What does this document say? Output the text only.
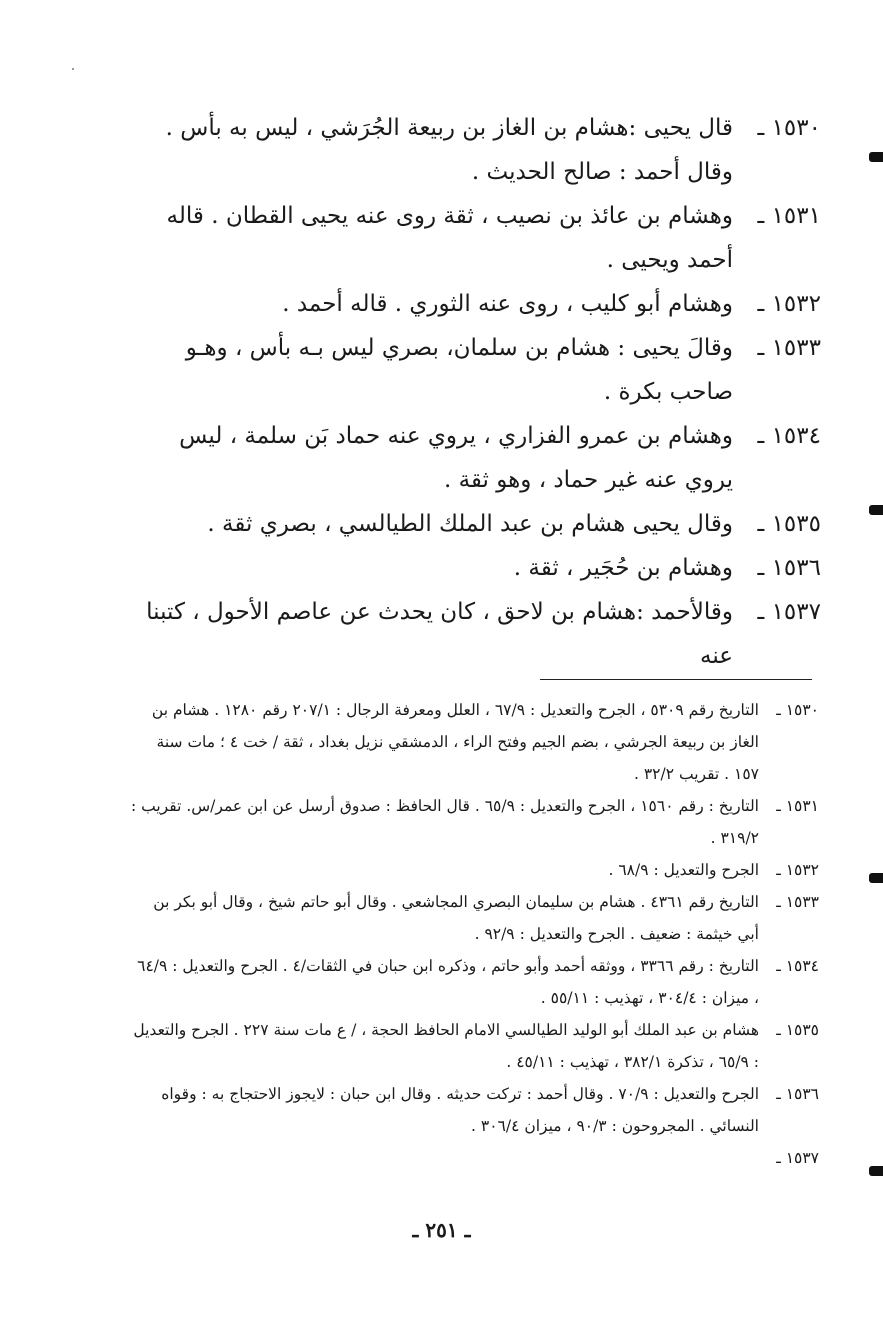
١٥٣٠ ـ
قال يحيى :هشام بن الغاز بن ربيعة الجُرَشي ، ليس به بأس . وقال أحمد : صالح الحديث .
١٥٣١ ـ
وهشام بن عائذ بن نصيب ، ثقة روى عنه يحيى القطان . قاله أحمد ويحيى .
١٥٣٢ ـ
وهشام أبو كليب ، روى عنه الثوري . قاله أحمد .
١٥٣٣ ـ
وقالَ يحيى : هشام بن سلمان، بصري ليس بـه بأس ، وهـو صاحب بكرة .
١٥٣٤ ـ
وهشام بن عمرو الفزاري ، يروي عنه حماد بَن سلمة ، ليس يروي عنه غير حماد ، وهو ثقة .
١٥٣٥ ـ
وقال يحيى هشام بن عبد الملك الطيالسي ، بصري ثقة .
١٥٣٦ ـ
وهشام بن حُجَير ، ثقة .
١٥٣٧ ـ
وقالأحمد :هشام بن لاحق ، كان يحدث عن عاصم الأحول ، كتبنا عنه
١٥٣٠ ـ
التاريخ رقم ٥٣٠٩ ، الجرح والتعديل : ٦٧/٩ ، العلل ومعرفة الرجال : ٢٠٧/١ رقم ١٢٨٠ . هشام بن الغاز بن ربيعة الجرشي ، بضم الجيم وفتح الراء ، الدمشقي نزيل بغداد ، ثقة / خت ٤ ؛ مات سنة ١٥٧ . تقريب ٣٢/٢ .
١٥٣١ ـ
التاريخ : رقم ١٥٦٠ ، الجرح والتعديل : ٦٥/٩ . قال الحافظ : صدوق أرسل عن ابن عمر/س. تقريب : ٣١٩/٢ .
١٥٣٢ ـ
الجرح والتعديل : ٦٨/٩ .
١٥٣٣ ـ
التاريخ رقم ٤٣٦١ . هشام بن سليمان البصري المجاشعي . وقال أبو حاتم شيخ ، وقال أبو بكر بن أبي خيثمة : ضعيف . الجرح والتعديل : ٩٢/٩ .
١٥٣٤ ـ
التاريخ : رقم ٣٣٦٦ ، ووثقه أحمد وأبو حاتم ، وذكره ابن حبان في الثقات/٤ . الجرح والتعديل : ٦٤/٩ ، ميزان : ٣٠٤/٤ ، تهذيب : ٥٥/١١ .
١٥٣٥ ـ
هشام بن عبد الملك أبو الوليد الطيالسي الامام الحافظ الحجة ، / ع مات سنة ٢٢٧ . الجرح والتعديل : ٦٥/٩ ، تذكرة ٣٨٢/١ ، تهذيب : ٤٥/١١ .
١٥٣٦ ـ
الجرح والتعديل : ٧٠/٩ . وقال أحمد : تركت حديثه . وقال ابن حبان : لايجوز الاحتجاج به : وقواه النسائي . المجروحون : ٩٠/٣ ، ميزان ٣٠٦/٤ .
١٥٣٧ ـ
ـ ٢٥١ ـ
